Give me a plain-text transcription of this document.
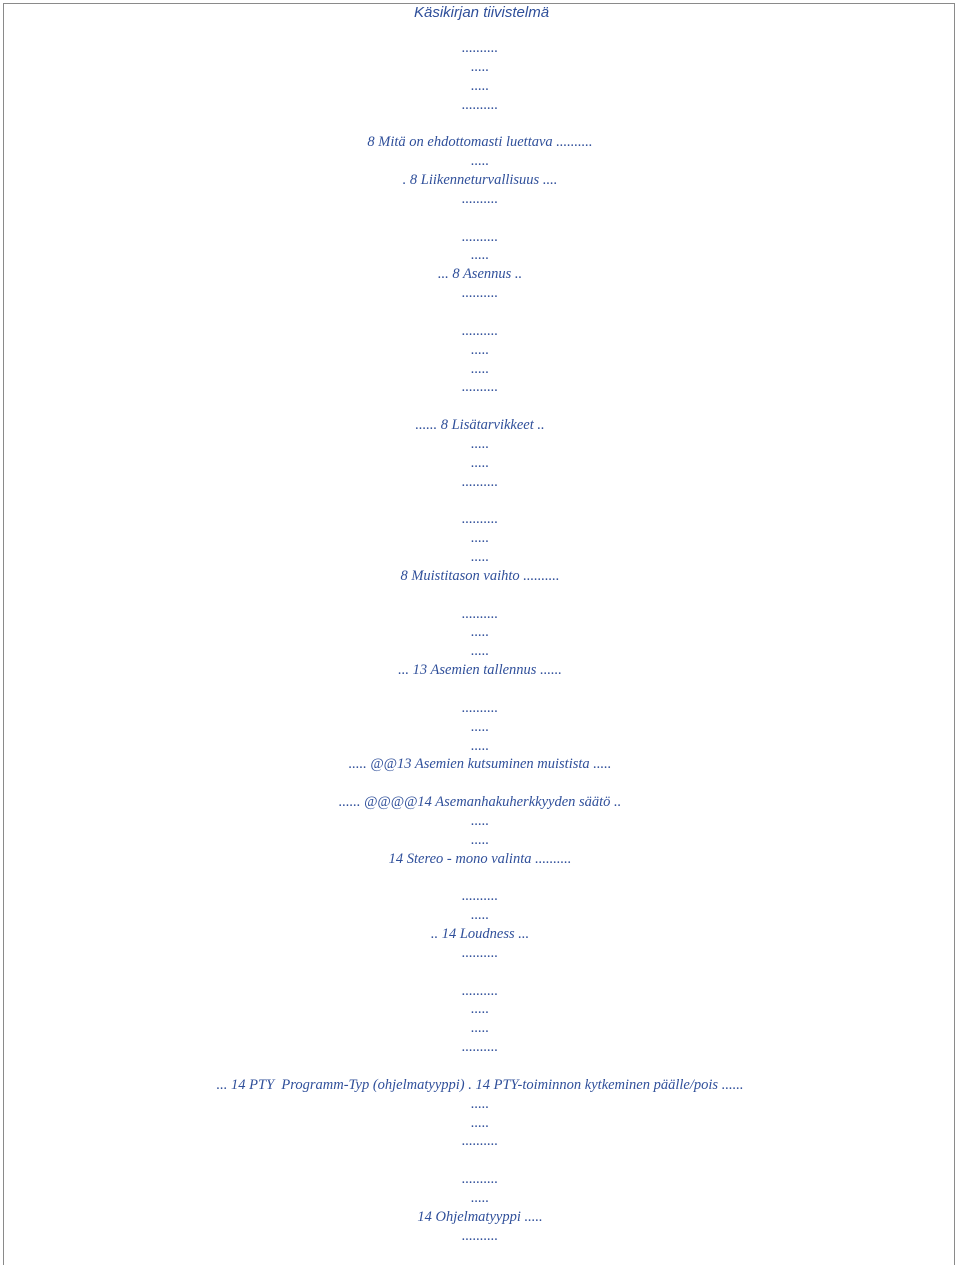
Käsikirjan tiivistelmä
..........
.....
.....
..........
8 Mitä on ehdottomasti luettava ..........
.....
. 8 Liikenneturvallisuus ....
..........
..........
.....
... 8 Asennus ..
..........
..........
.....
.....
..........
...... 8 Lisätarvikkeet ..
.....
.....
..........
..........
.....
.....
8 Muistitason vaihto ..........
..........
.....
.....
... 13 Asemien tallennus ......
..........
.....
.....
..... @@13 Asemien kutsuminen muistista .....
...... @@@@14 Asemanhakuherkkyyden säätö ..
.....
.....
14 Stereo - mono valinta ..........
..........
.....
.. 14 Loudness ...
..........
..........
.....
.....
..........
... 14 PTY  Programm-Typ (ohjelmatyyppi) . 14 PTY-toiminnon kytkeminen päälle/pois ......
.....
.....
..........
..........
.....
14 Ohjelmatyyppi .....
..........
